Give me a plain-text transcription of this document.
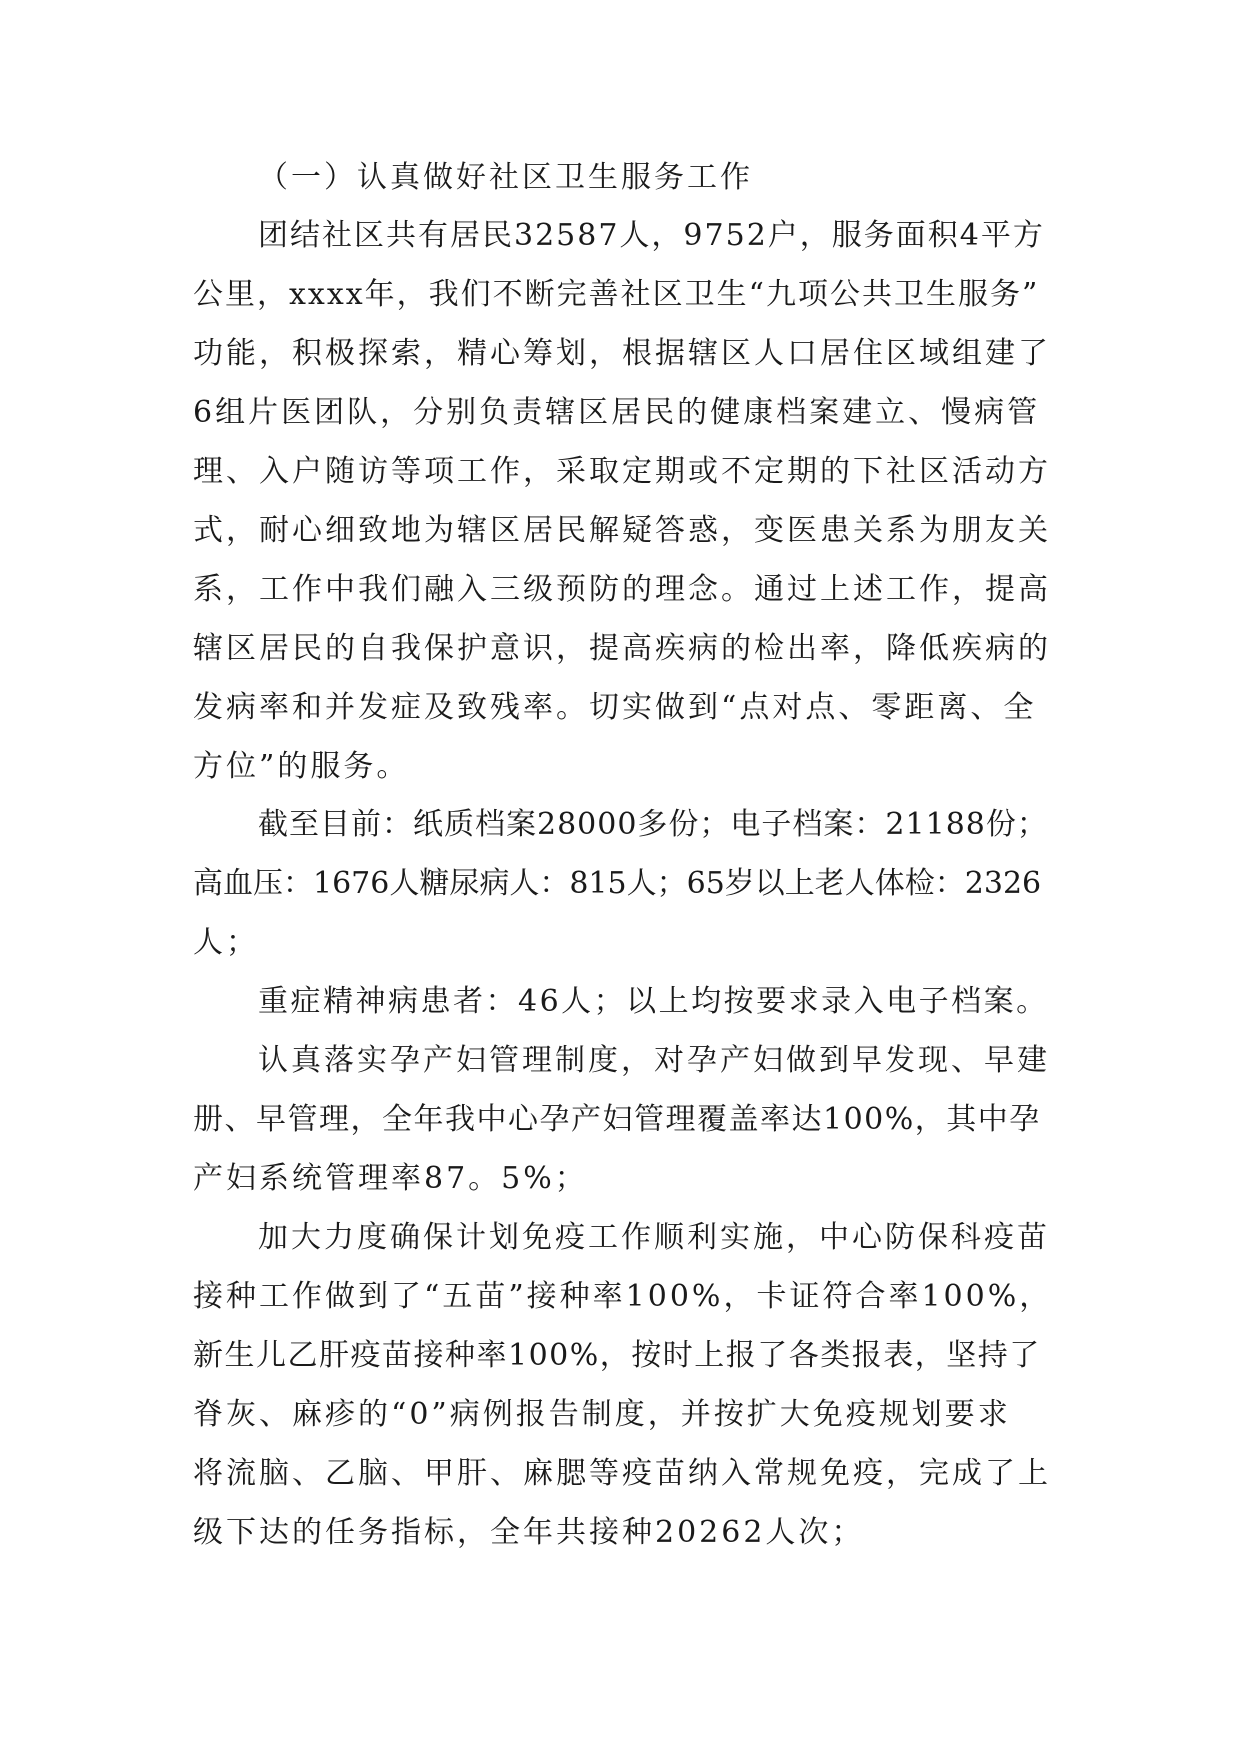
（一）认真做好社区卫生服务工作
团结社区共有居民32587人，9752户，服务面积4平方
公里，xxxx年，我们不断完善社区卫生“九项公共卫生服务”
功能，积极探索，精心筹划，根据辖区人口居住区域组建了
6组片医团队，分别负责辖区居民的健康档案建立、慢病管
理、入户随访等项工作，采取定期或不定期的下社区活动方
式，耐心细致地为辖区居民解疑答惑，变医患关系为朋友关
系，工作中我们融入三级预防的理念。通过上述工作，提高
辖区居民的自我保护意识，提高疾病的检出率，降低疾病的
发病率和并发症及致残率。切实做到“点对点、零距离、全
方位”的服务。
截至目前：纸质档案28000多份；电子档案：21188份；
高血压：1676人糖尿病人：815人；65岁以上老人体检：2326
人；
重症精神病患者：46人；以上均按要求录入电子档案。
认真落实孕产妇管理制度，对孕产妇做到早发现、早建
册、早管理，全年我中心孕产妇管理覆盖率达100%，其中孕
产妇系统管理率87。5%；
加大力度确保计划免疫工作顺利实施，中心防保科疫苗
接种工作做到了“五苗”接种率100%，卡证符合率100%，
新生儿乙肝疫苗接种率100%，按时上报了各类报表，坚持了
脊灰、麻疹的“0”病例报告制度，并按扩大免疫规划要求
将流脑、乙脑、甲肝、麻腮等疫苗纳入常规免疫，完成了上
级下达的任务指标，全年共接种20262人次；
